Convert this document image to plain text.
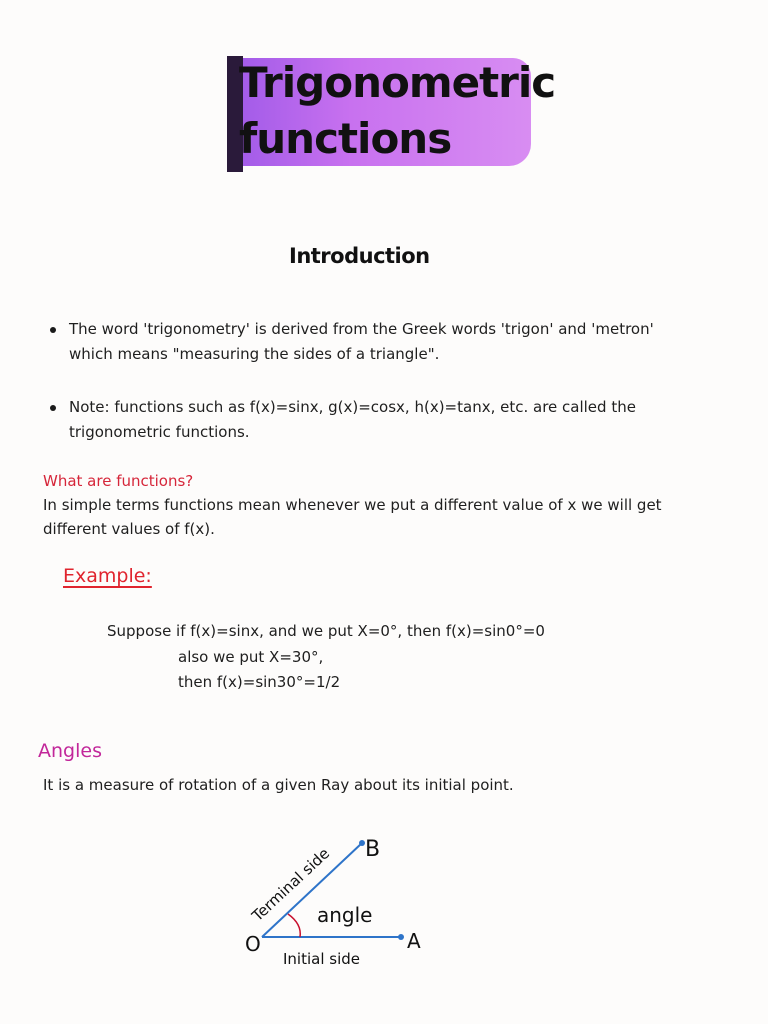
Trigonometric
functions
Introduction
The word 'trigonometry' is derived from the Greek words 'trigon' and 'metron'
which means "measuring the sides of a triangle".
Note: functions such as f(x)=sinx, g(x)=cosx, h(x)=tanx, etc. are called the
trigonometric functions.
What are functions?
In simple terms functions mean whenever we put a different value of x we will get
different values of f(x).
Example:
Suppose if f(x)=sinx, and we put X=0°, then f(x)=sin0°=0
also we put X=30°,
then f(x)=sin30°=1/2
Angles
It is a measure of rotation of a given Ray about its initial point.
O	A
B
angle
Initial side
Terminal side
